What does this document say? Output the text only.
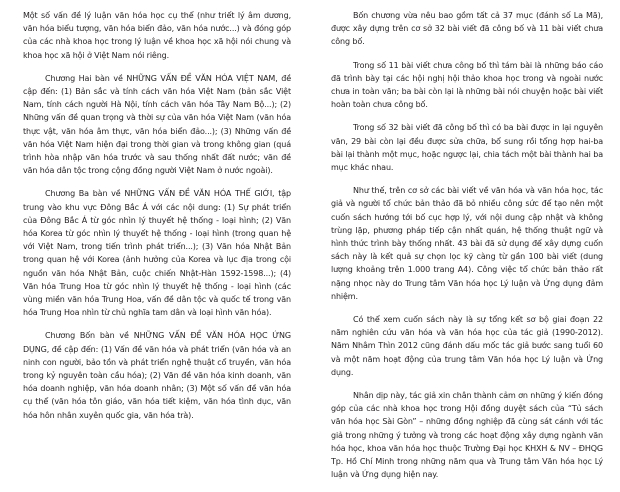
Một số vấn đề lý luận văn hóa học cụ thể (như triết lý âm dương, văn hóa biểu tượng, văn hóa biển đảo, văn hóa nước...) và đóng góp của các nhà khoa học trong lý luận về khoa học xã hội nói chung và khoa học xã hội ở Việt Nam nói riêng.

Chương Hai bàn về NHỮNG VẤN ĐỀ VĂN HÓA VIỆT NAM, đề cập đến: (1) Bản sắc và tính cách văn hóa Việt Nam (bản sắc Việt Nam, tính cách người Hà Nội, tính cách văn hóa Tây Nam Bộ...); (2) Những vấn đề quan trọng và thời sự của văn hóa Việt Nam (văn hóa thực vật, văn hóa âm thực, văn hóa biển đảo...); (3) Những vấn đề văn hóa Việt Nam hiện đại trong thời gian và trong không gian (quá trình hòa nhập văn hóa trước và sau thống nhất đất nước; văn đề văn hóa dân tộc trong cộng đồng người Việt Nam ở nước ngoài).

Chương Ba bàn về NHỮNG VẤN ĐỀ VĂN HÓA THẾ GIỚI, tập trung vào khu vực Đông Bắc Á với các nội dung: (1) Sự phát triển của Đông Bắc Á từ góc nhìn lý thuyết hệ thống - loại hình; (2) Văn hóa Korea từ góc nhìn lý thuyết hệ thống - loại hình (trong quan hệ với Việt Nam, trong tiến trình phát triển...); (3) Văn hóa Nhật Bản trong quan hệ với Korea (ảnh hưởng của Korea và lục địa trong cội nguồn văn hóa Nhật Bản, cuộc chiến Nhật-Hàn 1592-1598...); (4) Văn hóa Trung Hoa từ góc nhìn lý thuyết hệ thống - loại hình (các vùng miền văn hóa Trung Hoa, vấn đề dân tộc và quốc tế trong văn hóa Trung Hoa nhìn từ chủ nghĩa tam dân và loại hình văn hóa).

Chương Bốn bàn về NHỮNG VẤN ĐỀ VĂN HÓA HỌC ỨNG DỤNG, đề cập đến: (1) Vấn đề văn hóa và phát triển (văn hóa và an ninh con người, bảo tồn và phát triển nghệ thuật cổ truyền, văn hóa trong kỷ nguyên toàn cầu hóa); (2) Văn đề văn hóa kinh doanh, văn hóa doanh nghiệp, văn hóa doanh nhân; (3) Một số vấn đề văn hóa cụ thể (văn hóa tôn giáo, văn hóa tiết kiệm, văn hóa tình dục, văn hóa hôn nhân xuyên quốc gia, văn hóa trà).

Bốn chương vừa nêu bao gồm tất cả 37 mục (đánh số La Mã), được xây dựng trên cơ sở 32 bài viết đã công bố và 11 bài viết chưa công bố.

Trong số 11 bài viết chưa công bố thì tám bài là những báo cáo đã trình bày tại các hội nghị hội thảo khoa học trong và ngoài nước chưa in toàn văn; ba bài còn lại là những bài nói chuyện hoặc bài viết hoàn toàn chưa công bố.

Trong số 32 bài viết đã công bố thì có ba bài được in lại nguyên văn, 29 bài còn lại đều được sửa chữa, bổ sung rồi tổng hợp hai-ba bài lại thành một mục, hoặc ngược lại, chia tách một bài thành hai ba mục khác nhau.

Như thế, trên cơ sở các bài viết về văn hóa và văn hóa học, tác giả và người tổ chức bản thảo đã bỏ nhiều công sức để tạo nên một cuốn sách hướng tới bố cục hợp lý, với nội dung cập nhật và không trùng lặp, phương pháp tiếp cận nhất quán, hệ thống thuật ngữ và hình thức trình bày thống nhất. 43 bài đã sử dụng để xây dựng cuốn sách này là kết quả sự chọn lọc kỹ càng từ gần 100 bài viết (dung lượng khoảng trên 1.000 trang A4). Công việc tổ chức bản thảo rất nặng nhọc này do Trung tâm Văn hóa học Lý luận và Ứng dụng đảm nhiệm.

Có thể xem cuốn sách này là sự tổng kết sơ bộ giai đoạn 22 năm nghiên cứu văn hóa và văn hóa học của tác giả (1990-2012). Năm Nhâm Thìn 2012 cũng đánh dấu mốc tác giả bước sang tuổi 60 và một năm hoạt động của trung tâm Văn hóa học Lý luận và Ứng dụng.

Nhân dịp này, tác giả xin chân thành cảm ơn những ý kiến đóng góp của các nhà khoa học trong Hội đồng duyệt sách của “Tủ sách văn hóa học Sài Gòn” – những đồng nghiệp đã cùng sát cánh với tác giả trong những ý tưởng và trong các hoạt động xây dựng ngành văn hóa học, khoa văn hóa học thuộc Trường Đại học KHXH & NV – ĐHQG Tp. Hồ Chí Minh trong những năm qua và Trung tâm Văn hóa học Lý luận và Ứng dụng hiện nay.
